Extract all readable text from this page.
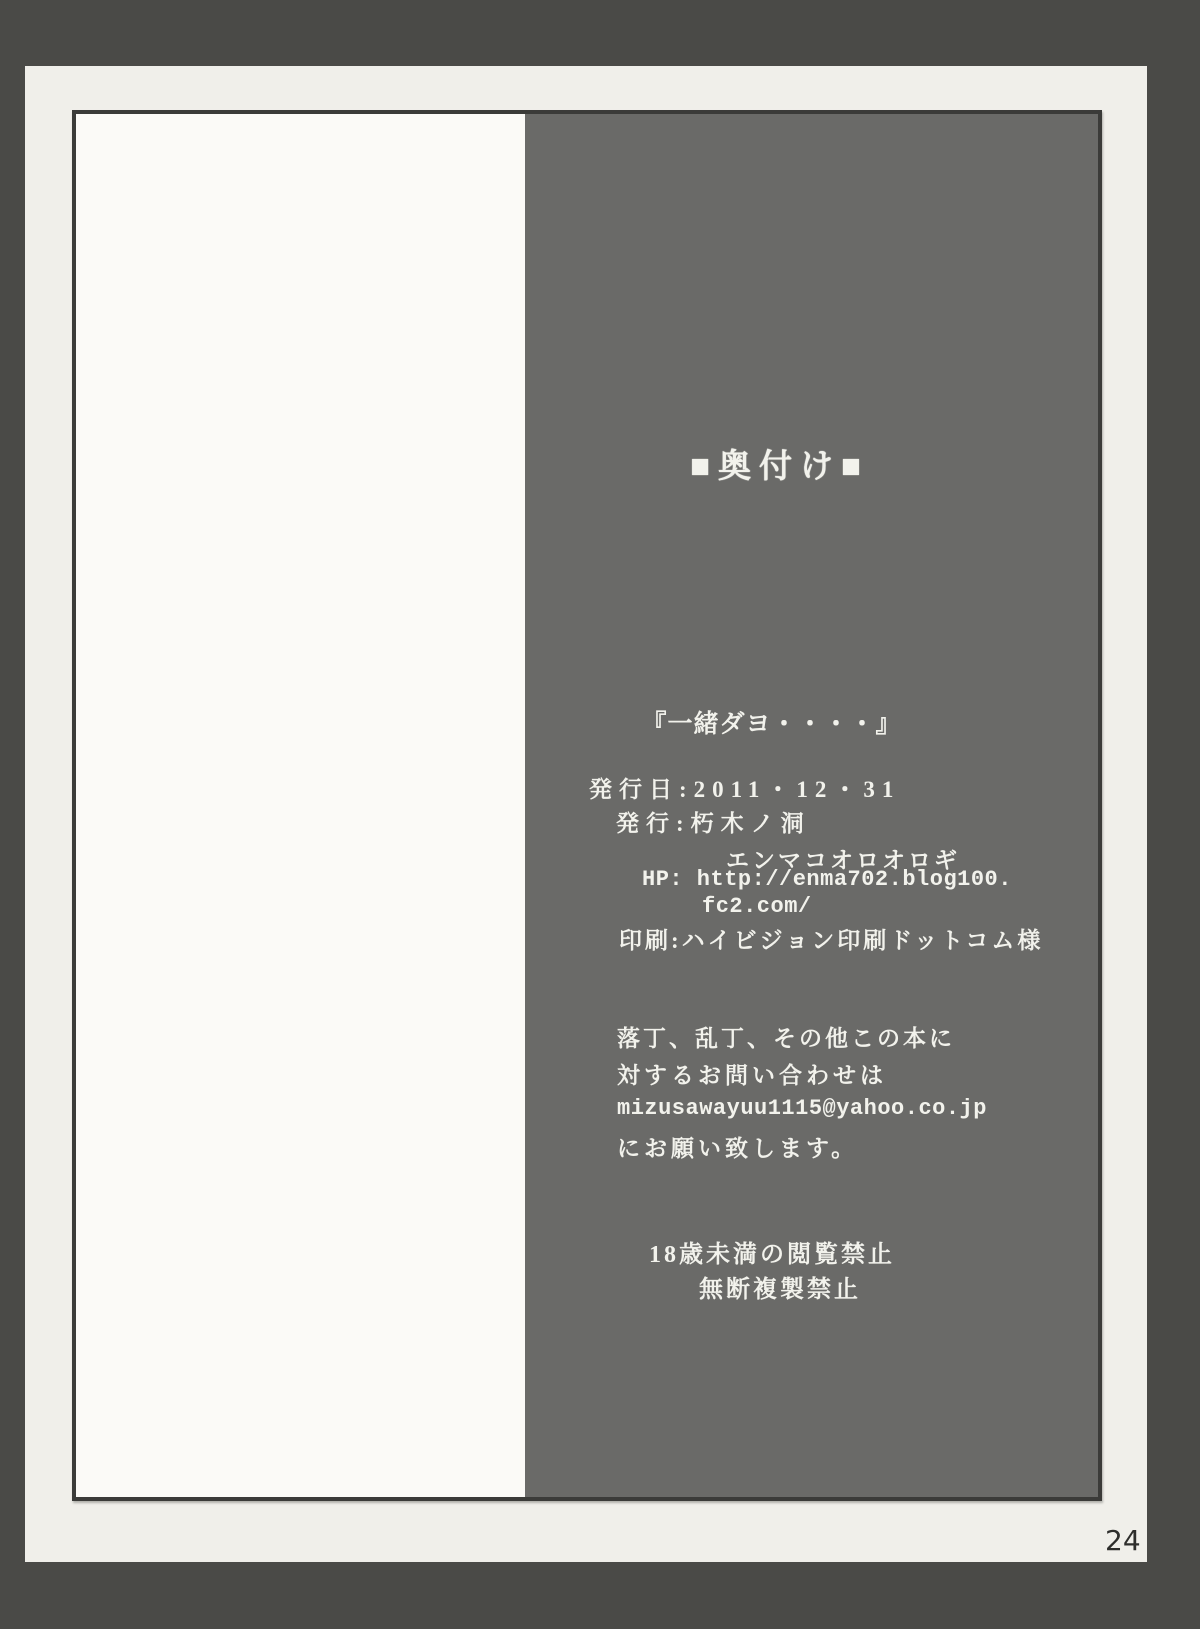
■奥付け■
『一緒ダヨ・・・・』
発行日:2011・12・31
発行:朽木ノ洞
エンマコオロオロギ
HP: http://enma702.blog100.
fc2.com/
印刷:ハイビジョン印刷ドットコム様
落丁、乱丁、その他この本に
対するお問い合わせは
mizusawayuu1115@yahoo.co.jp
にお願い致します。
18歳未満の閲覧禁止
無断複製禁止
24
